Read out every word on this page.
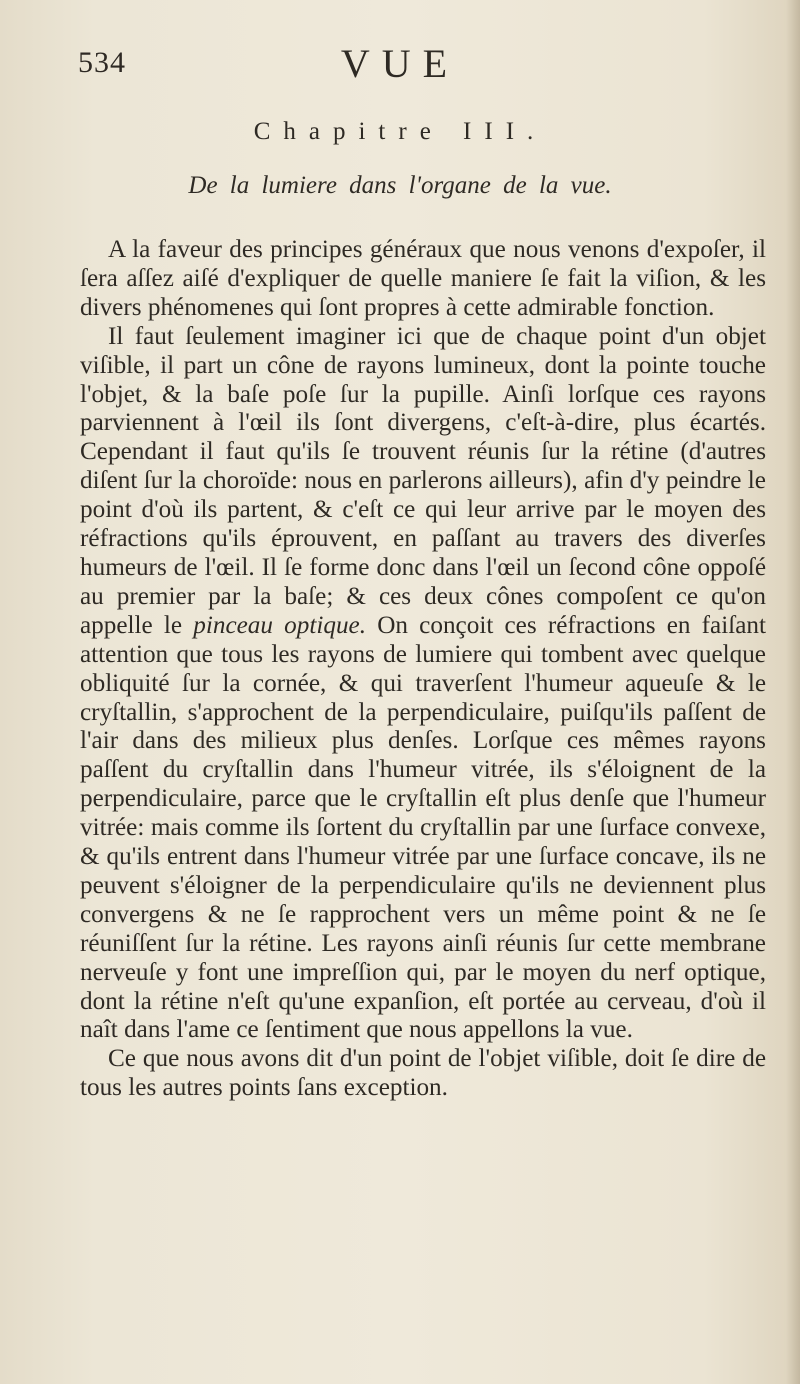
534	VUE
Chapitre III.
De la lumiere dans l'organe de la vue.

A la faveur des principes généraux que nous venons d'expoſer, il ſera aſſez aiſé d'expliquer de quelle maniere ſe fait la viſion, & les divers phénomenes qui ſont propres à cette admirable fonction.

Il faut ſeulement imaginer ici que de chaque point d'un objet viſible, il part un cône de rayons lumineux, dont la pointe touche l'objet, & la baſe poſe ſur la pupille. Ainſi lorſque ces rayons parviennent à l'œil ils ſont divergens, c'eſt-à-dire, plus écartés. Cependant il faut qu'ils ſe trouvent réunis ſur la rétine (d'autres diſent ſur la choroïde: nous en parlerons ailleurs), afin d'y peindre le point d'où ils partent, & c'eſt ce qui leur arrive par le moyen des réfractions qu'ils éprouvent, en paſſant au travers des diverſes humeurs de l'œil. Il ſe forme donc dans l'œil un ſecond cône oppoſé au premier par la baſe; & ces deux cônes compoſent ce qu'on appelle le pinceau optique. On conçoit ces réfractions en faiſant attention que tous les rayons de lumiere qui tombent avec quelque obliquité ſur la cornée, & qui traverſent l'humeur aqueuſe & le cryſtallin, s'approchent de la perpendiculaire, puiſqu'ils paſſent de l'air dans des milieux plus denſes. Lorſque ces mêmes rayons paſſent du cryſtallin dans l'humeur vitrée, ils s'éloignent de la perpendiculaire, parce que le cryſtallin eſt plus denſe que l'humeur vitrée: mais comme ils ſortent du cryſtallin par une ſurface convexe, & qu'ils entrent dans l'humeur vitrée par une ſurface concave, ils ne peuvent s'éloigner de la perpendiculaire qu'ils ne deviennent plus convergens & ne ſe rapprochent vers un même point & ne ſe réuniſſent ſur la rétine. Les rayons ainſi réunis ſur cette membrane nerveuſe y font une impreſſion qui, par le moyen du nerf optique, dont la rétine n'eſt qu'une expanſion, eſt portée au cerveau, d'où il naît dans l'ame ce ſentiment que nous appellons la vue.

Ce que nous avons dit d'un point de l'objet viſible, doit ſe dire de tous les autres points ſans exception.
